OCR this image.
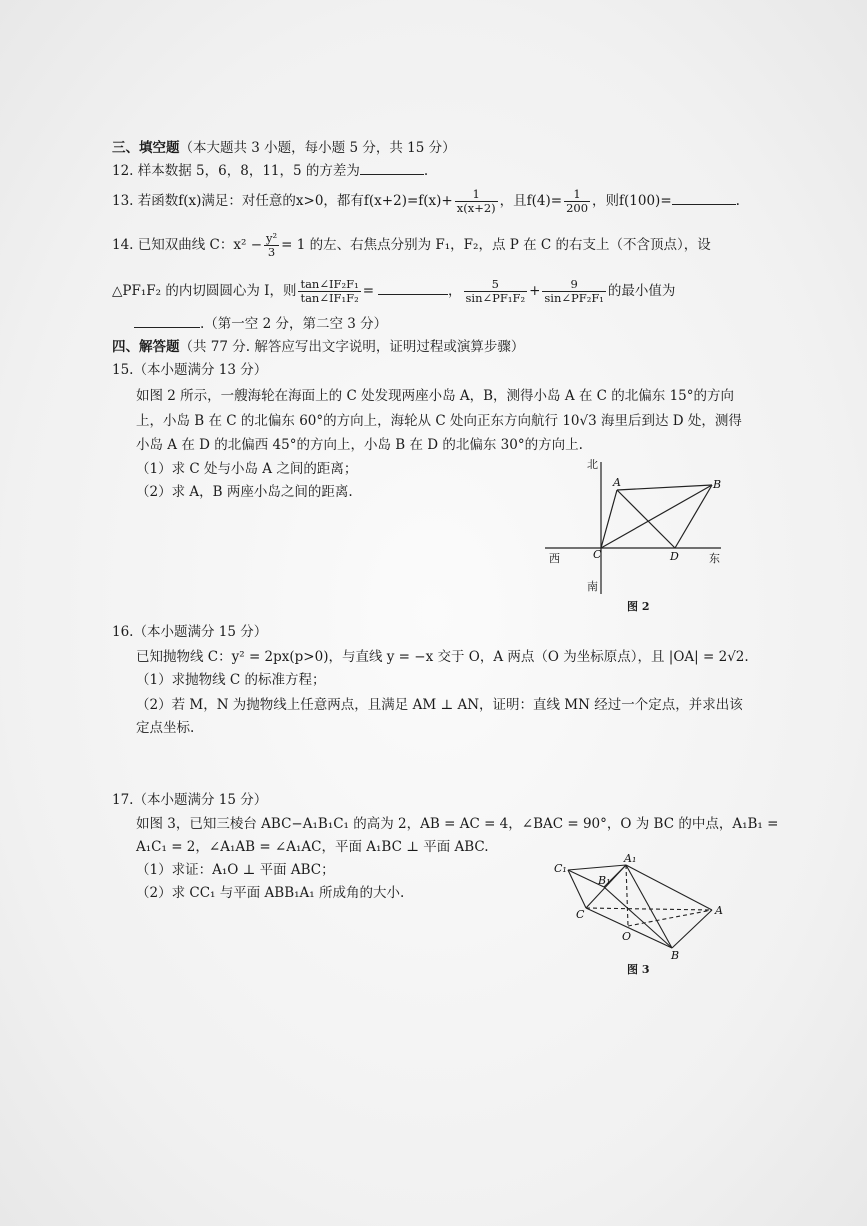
三、填空题（本大题共 3 小题，每小题 5 分，共 15 分）
12. 样本数据 5，6，8，11，5 的方差为	.
13. 若函数f(x)满足：对任意的x>0，都有$f(x+2)=f(x)+ \frac{1}{x(x+2)}$ ，且$f(4)= \frac{1}{200}$ ，则f(100)=	.
14. 已知双曲线 C：$x^2 - \frac{\text{y²}}{3} = 1$ 的左、右焦点分别为 F₁，F₂，点 P 在 C 的右支上（不含顶点），设
△PF₁F₂ 的内切圆圆心为 I，则 $\frac{\text{tan∠IF₂F₁}}{\text{tan∠IF₁F₂}}$ =	， $\frac{5}{\text{sin∠PF₁F₂}} + \frac{9}{\text{sin∠PF₂F₁}}$ 的最小值为
.（第一空 2 分，第二空 3 分）
四、解答题（共 77 分. 解答应写出文字说明，证明过程或演算步骤）
15.（本小题满分 13 分）
如图 2 所示，一艘海轮在海面上的 C 处发现两座小岛 A，B，测得小岛 A 在 C 的北偏东 15°的方向
上，小岛 B 在 C 的北偏东 60°的方向上，海轮从 C 处向正东方向航行 10√3 海里后到达 D 处，测得
小岛 A 在 D 的北偏西 45°的方向上，小岛 B 在 D 的北偏东 30°的方向上.
（1）求 C 处与小岛 A 之间的距离；
（2）求 A，B 两座小岛之间的距离.
北
南
西	东
A	B
C	D
图 2
16.（本小题满分 15 分）
已知抛物线 C：y² = 2px(p>0)，与直线 y = −x 交于 O，A 两点（O 为坐标原点），且 |OA| = 2√2.
（1）求抛物线 C 的标准方程；
（2）若 M，N 为抛物线上任意两点，且满足 AM ⊥ AN，证明：直线 MN 经过一个定点，并求出该
定点坐标.
17.（本小题满分 15 分）
如图 3，已知三棱台 ABC−A₁B₁C₁ 的高为 2，AB = AC = 4，∠BAC = 90°，O 为 BC 的中点，A₁B₁ =
A₁C₁ = 2，∠A₁AB = ∠A₁AC，平面 A₁BC ⊥ 平面 ABC.
（1）求证：A₁O ⊥ 平面 ABC；
（2）求 CC₁ 与平面 ABB₁A₁ 所成角的大小.
C₁
A₁
B₁
C	A
O
B
图 3
